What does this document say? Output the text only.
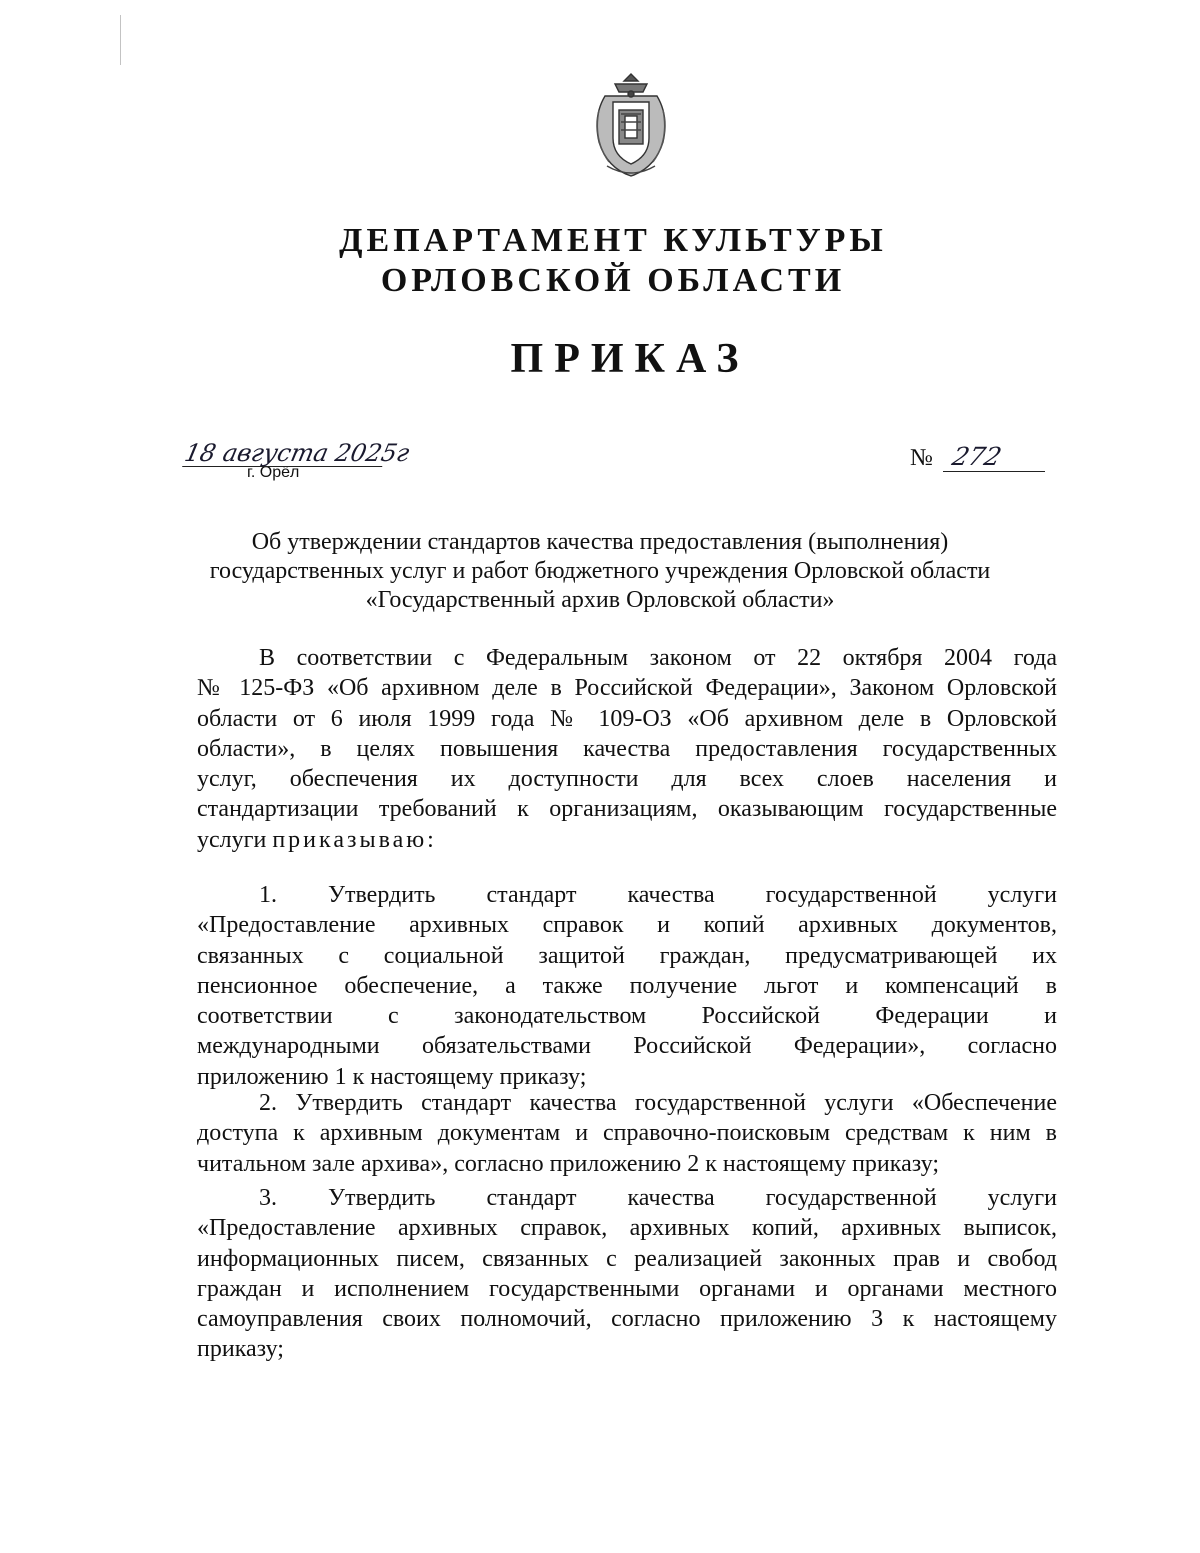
ДЕПАРТАМЕНТ КУЛЬТУРЫ
ОРЛОВСКОЙ ОБЛАСТИ
ПРИКАЗ
18 августа 2025г
г. Орёл
№ 272
Об утверждении стандартов качества предоставления (выполнения)
государственных услуг и работ бюджетного учреждения Орловской области
«Государственный архив Орловской области»
В соответствии с Федеральным законом от 22 октября 2004 года
№ 125-ФЗ «Об архивном деле в Российской Федерации», Законом Орловской
области от 6 июля 1999 года № 109-ОЗ «Об архивном деле в Орловской
области», в целях повышения качества предоставления государственных
услуг, обеспечения их доступности для всех слоев населения и
стандартизации требований к организациям, оказывающим государственные
услуги приказываю:
1. Утвердить стандарт качества государственной услуги
«Предоставление архивных справок и копий архивных документов,
связанных с социальной защитой граждан, предусматривающей их
пенсионное обеспечение, а также получение льгот и компенсаций в
соответствии с законодательством Российской Федерации и
международными обязательствами Российской Федерации», согласно
приложению 1 к настоящему приказу;
2. Утвердить стандарт качества государственной услуги «Обеспечение
доступа к архивным документам и справочно-поисковым средствам к ним в
читальном зале архива», согласно приложению 2 к настоящему приказу;
3. Утвердить стандарт качества государственной услуги
«Предоставление архивных справок, архивных копий, архивных выписок,
информационных писем, связанных с реализацией законных прав и свобод
граждан и исполнением государственными органами и органами местного
самоуправления своих полномочий, согласно приложению 3 к настоящему
приказу;
